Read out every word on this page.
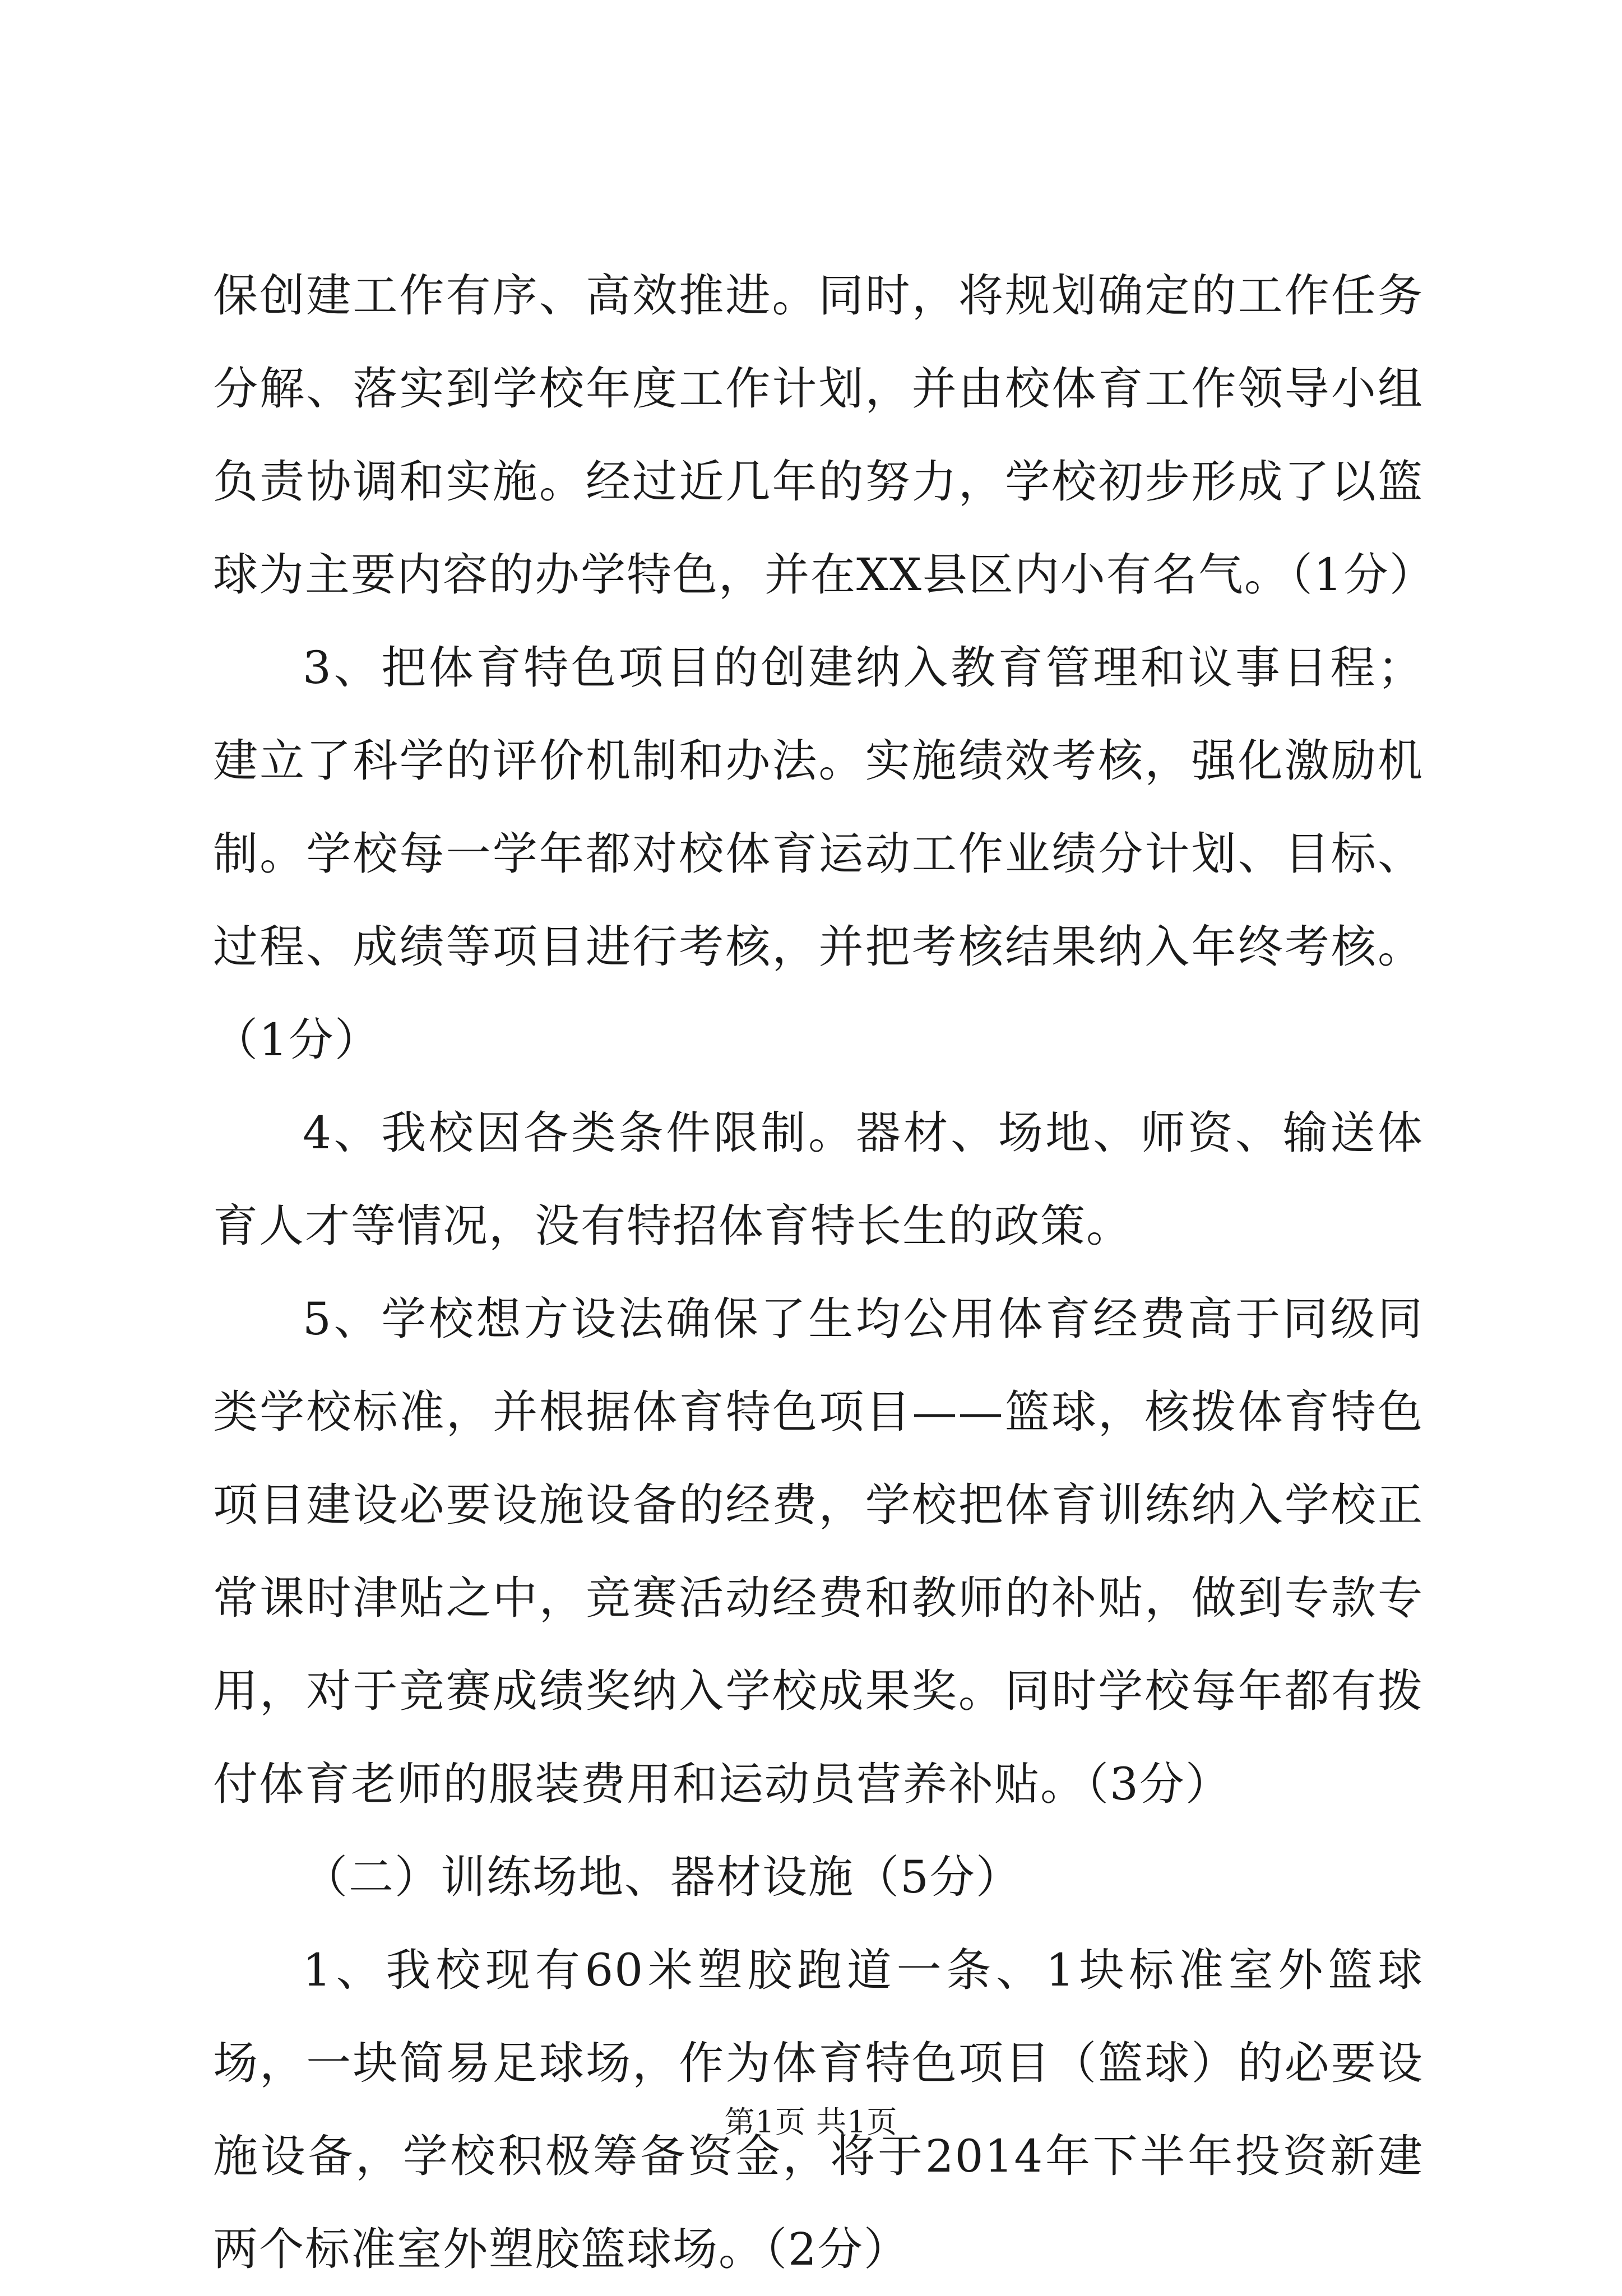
保创建工作有序、高效推进。同时，将规划确定的工作任务分解、落实到学校年度工作计划，并由校体育工作领导小组负责协调和实施。经过近几年的努力，学校初步形成了以篮球为主要内容的办学特色，并在XX县区内小有名气。（1分）

3、把体育特色项目的创建纳入教育管理和议事日程；建立了科学的评价机制和办法。实施绩效考核，强化激励机制。学校每一学年都对校体育运动工作业绩分计划、目标、过程、成绩等项目进行考核，并把考核结果纳入年终考核。（1分）

4、我校因各类条件限制。器材、场地、师资、输送体育人才等情况，没有特招体育特长生的政策。

5、学校想方设法确保了生均公用体育经费高于同级同类学校标准，并根据体育特色项目——篮球，核拨体育特色项目建设必要设施设备的经费，学校把体育训练纳入学校正常课时津贴之中，竞赛活动经费和教师的补贴，做到专款专用，对于竞赛成绩奖纳入学校成果奖。同时学校每年都有拨付体育老师的服装费用和运动员营养补贴。（3分）

（二）训练场地、器材设施（5分）

1、我校现有60米塑胶跑道一条、1块标准室外篮球场，一块简易足球场，作为体育特色项目（篮球）的必要设施设备，学校积极筹备资金，将于2014年下半年投资新建两个标准室外塑胶篮球场。（2分）

第1页 共1页
